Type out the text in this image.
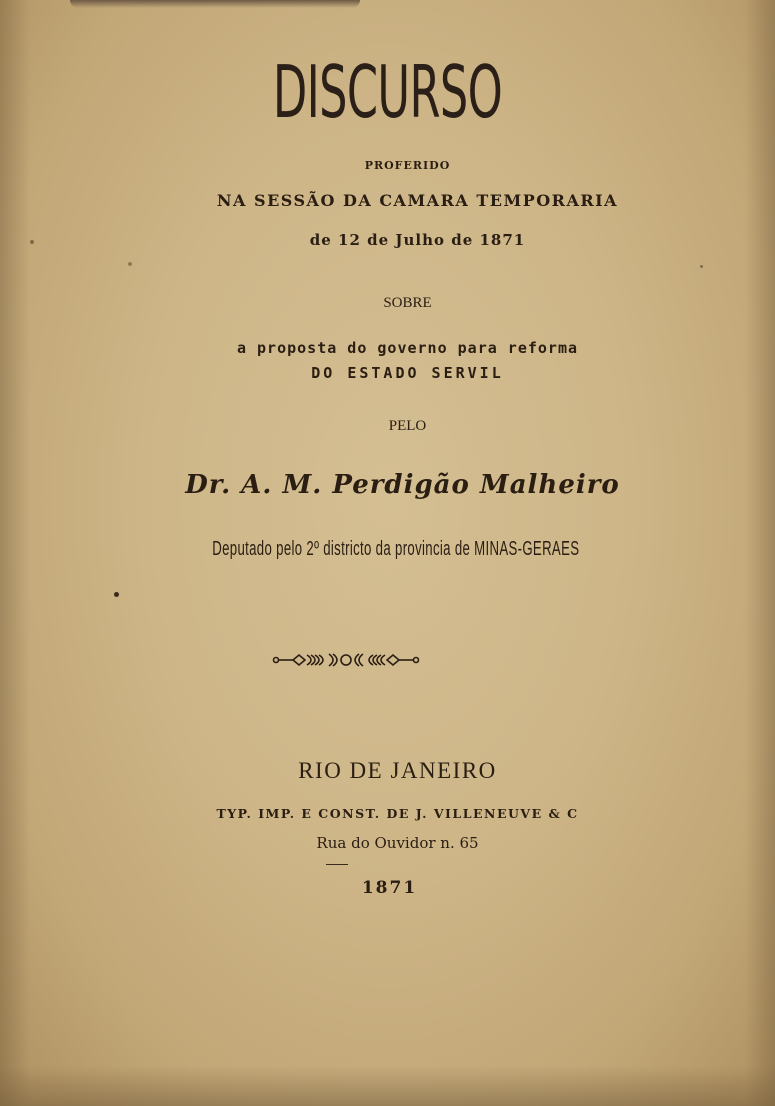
DISCURSO
PROFERIDO
NA SESSÃO DA CAMARA TEMPORARIA
de 12 de Julho de 1871
SOBRE
a proposta do governo para reforma
DO ESTADO SERVIL
PELO
Dr. A. M. Perdigão Malheiro
Deputado pelo 2º districto da provincia de MINAS-GERAES
RIO DE JANEIRO
TYP. IMP. E CONST. DE J. VILLENEUVE & C
Rua do Ouvidor n. 65
1871
